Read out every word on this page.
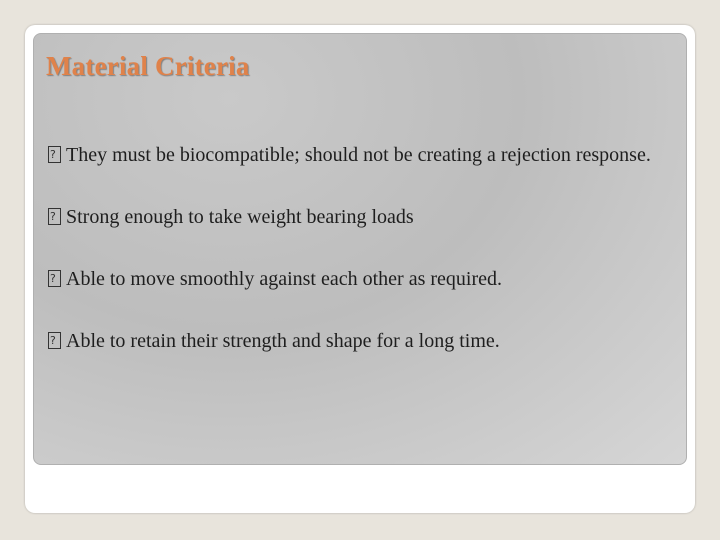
Material Criteria
?
They must be biocompatible; should not be creating a rejection response.
?
Strong enough to take weight bearing loads
?
Able to move smoothly against each other as required.
?
Able to retain their strength and shape for a long time.
